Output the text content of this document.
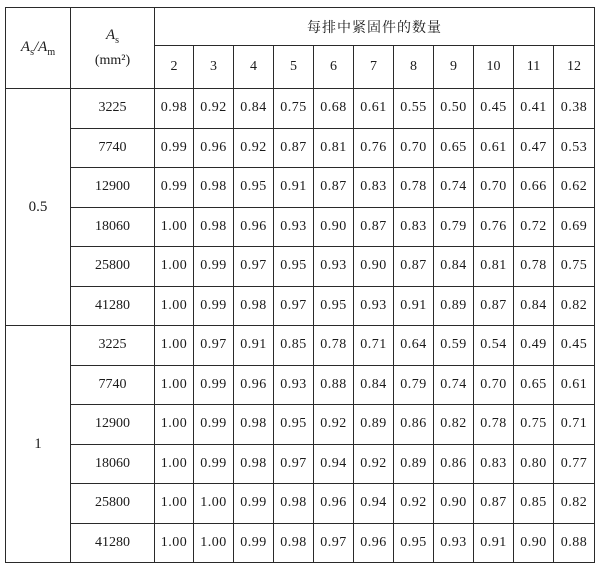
$A_s/A_m$	$A_s$
(mm²)	每排中紧固件的数量										
		2	3	4	5	6	7	8	9	10	11	12
0.5	3225	0.98	0.92	0.84	0.75	0.68	0.61	0.55	0.50	0.45	0.41	0.38
	7740	0.99	0.96	0.92	0.87	0.81	0.76	0.70	0.65	0.61	0.47	0.53
	12900	0.99	0.98	0.95	0.91	0.87	0.83	0.78	0.74	0.70	0.66	0.62
	18060	1.00	0.98	0.96	0.93	0.90	0.87	0.83	0.79	0.76	0.72	0.69
	25800	1.00	0.99	0.97	0.95	0.93	0.90	0.87	0.84	0.81	0.78	0.75
	41280	1.00	0.99	0.98	0.97	0.95	0.93	0.91	0.89	0.87	0.84	0.82
1	3225	1.00	0.97	0.91	0.85	0.78	0.71	0.64	0.59	0.54	0.49	0.45
	7740	1.00	0.99	0.96	0.93	0.88	0.84	0.79	0.74	0.70	0.65	0.61
	12900	1.00	0.99	0.98	0.95	0.92	0.89	0.86	0.82	0.78	0.75	0.71
	18060	1.00	0.99	0.98	0.97	0.94	0.92	0.89	0.86	0.83	0.80	0.77
	25800	1.00	1.00	0.99	0.98	0.96	0.94	0.92	0.90	0.87	0.85	0.82
	41280	1.00	1.00	0.99	0.98	0.97	0.96	0.95	0.93	0.91	0.90	0.88
